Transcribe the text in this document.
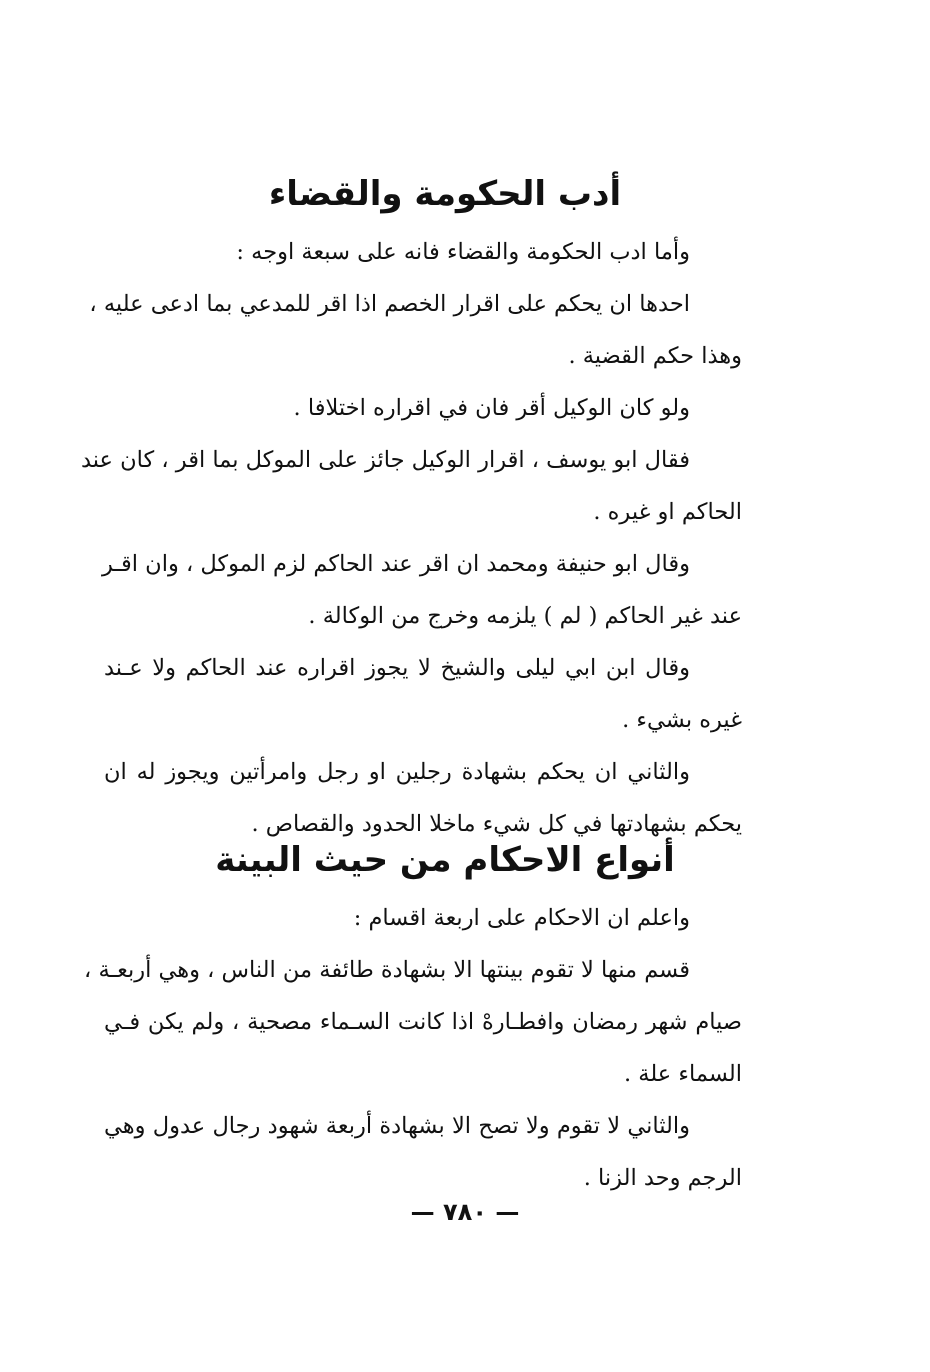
أدب الحكومة والقضاء
وأما ادب الحكومة والقضاء فانه على سبعة اوجه :
احدها ان يحكم على اقرار الخصم اذا اقر للمدعي بما ادعى عليه ،
وهذا حكم القضية .
ولو كان الوكيل أقر فان في اقراره اختلافا .
فقال ابو يوسف ، اقرار الوكيل جائز على الموكل بما اقر ، كان عند
الحاكم او غيره .
وقال ابو حنيفة ومحمد ان اقر عند الحاكم لزم الموكل ، وان اقـر
عند غير الحاكم ( لم ) يلزمه وخرج من الوكالة .
وقال ابن ابي ليلى والشيخ لا يجوز اقراره عند الحاكم ولا عـند
غيره بشيء .
والثاني ان يحكم بشهادة رجلين او رجل وامرأتين ويجوز له ان
يحكم بشهادتها في كل شيء ماخلا الحدود والقصاص .
أنواع الاحكام من حيث البينة
واعلم ان الاحكام على اربعة اقسام :
قسم منها لا تقوم بينتها الا بشهادة طائفة من الناس ، وهي أربعـة ،
صيام شهر رمضان وافطـارهْ اذا كانت السـماء مصحية ، ولم يكن فـي
السماء علة .
والثاني لا تقوم ولا تصح الا بشهادة أربعة شهود رجال عدول وهي
الرجم وحد الزنا .
— ٧٨٠ —
